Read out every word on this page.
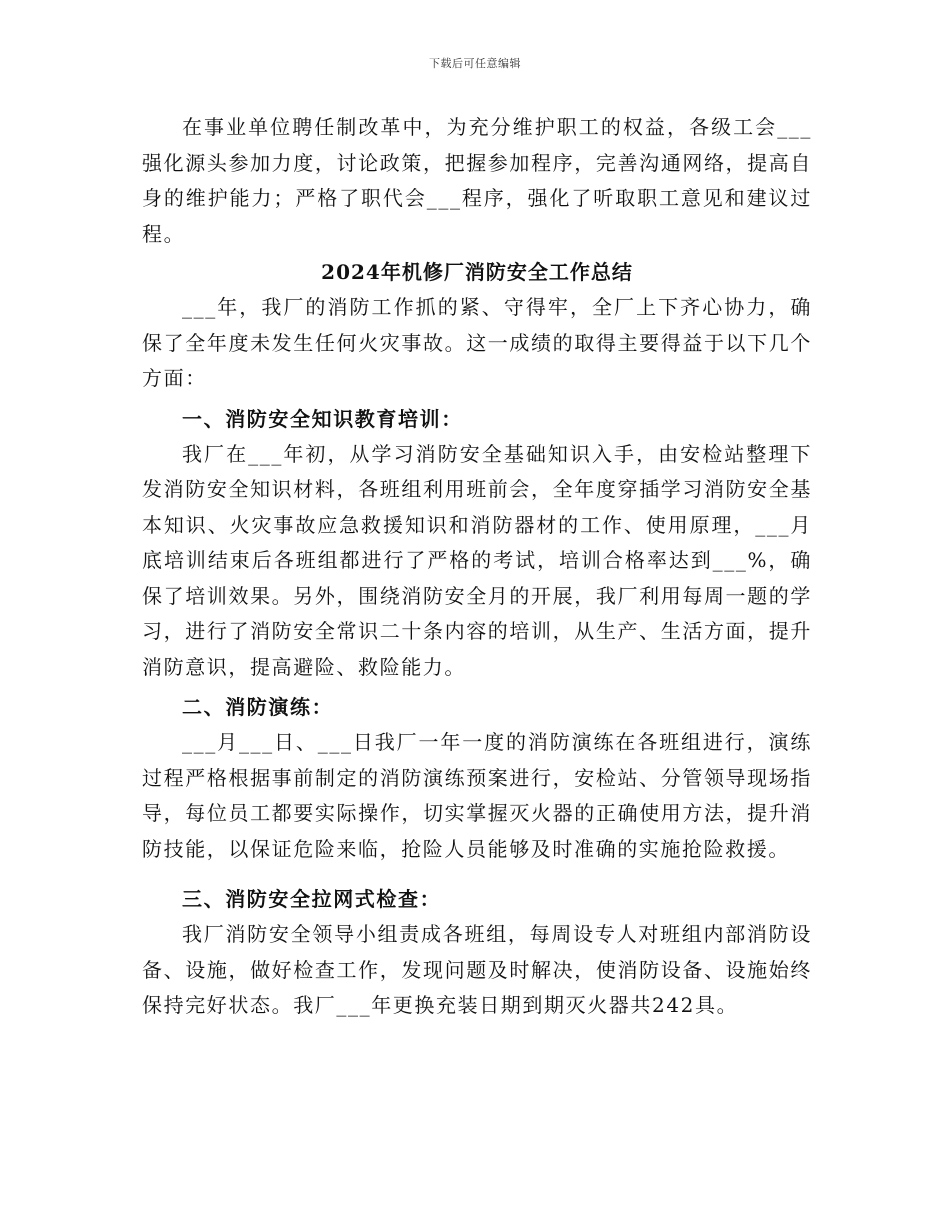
下载后可任意编辑

在事业单位聘任制改革中，为充分维护职工的权益，各级工会___强化源头参加力度，讨论政策，把握参加程序，完善沟通网络，提高自身的维护能力；严格了职代会___程序，强化了听取职工意见和建议过程。

2024年机修厂消防安全工作总结

___年，我厂的消防工作抓的紧、守得牢，全厂上下齐心协力，确保了全年度未发生任何火灾事故。这一成绩的取得主要得益于以下几个方面：

一、消防安全知识教育培训：

我厂在___年初，从学习消防安全基础知识入手，由安检站整理下发消防安全知识材料，各班组利用班前会，全年度穿插学习消防安全基本知识、火灾事故应急救援知识和消防器材的工作、使用原理，___月底培训结束后各班组都进行了严格的考试，培训合格率达到___%，确保了培训效果。另外，围绕消防安全月的开展，我厂利用每周一题的学习，进行了消防安全常识二十条内容的培训，从生产、生活方面，提升消防意识，提高避险、救险能力。

二、消防演练：

___月___日、___日我厂一年一度的消防演练在各班组进行，演练过程严格根据事前制定的消防演练预案进行，安检站、分管领导现场指导，每位员工都要实际操作，切实掌握灭火器的正确使用方法，提升消防技能，以保证危险来临，抢险人员能够及时准确的实施抢险救援。

三、消防安全拉网式检查：

我厂消防安全领导小组责成各班组，每周设专人对班组内部消防设备、设施，做好检查工作，发现问题及时解决，使消防设备、设施始终保持完好状态。我厂___年更换充装日期到期灭火器共242具。
